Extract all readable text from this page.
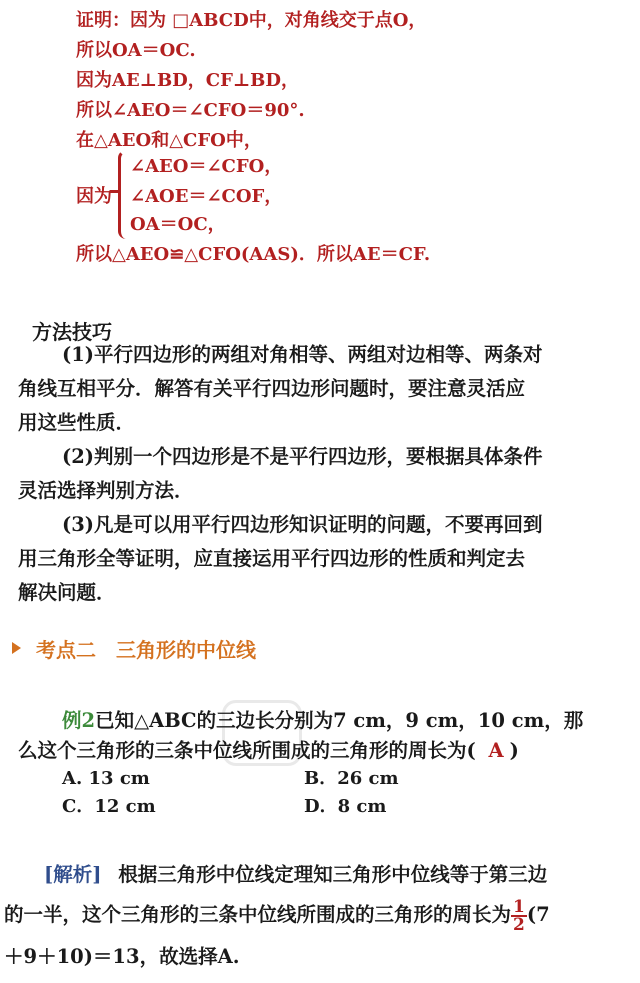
证明：因为 □ABCD中，对角线交于点O，
所以OA＝OC.
因为AE⊥BD，CF⊥BD，
所以∠AEO＝∠CFO＝90°.
在△AEO和△CFO中，
∠AEO＝∠CFO，
因为 ∠AOE＝∠COF，
OA＝OC，
所以△AEO≌△CFO(AAS)．所以AE＝CF.
方法技巧
(1)平行四边形的两组对角相等、两组对边相等、两条对
角线互相平分．解答有关平行四边形问题时，要注意灵活应
用这些性质．
(2)判别一个四边形是不是平行四边形，要根据具体条件
灵活选择判别方法．
(3)凡是可以用平行四边形知识证明的问题，不要再回到
用三角形全等证明，应直接运用平行四边形的性质和判定去
解决问题．
考点二　三角形的中位线
例2已知△ABC的三边长分别为7 cm，9 cm，10 cm，那
么这个三角形的三条中位线所围成的三角形的周长为( A )
A. 13 cm	B．26 cm
C．12 cm	D．8 cm
[解析] 根据三角形中位线定理知三角形中位线等于第三边
的一半，这个三角形的三条中位线所围成的三角形的周长为 $\frac{1}{2} (7$
＋9＋10)＝13，故选择A.
